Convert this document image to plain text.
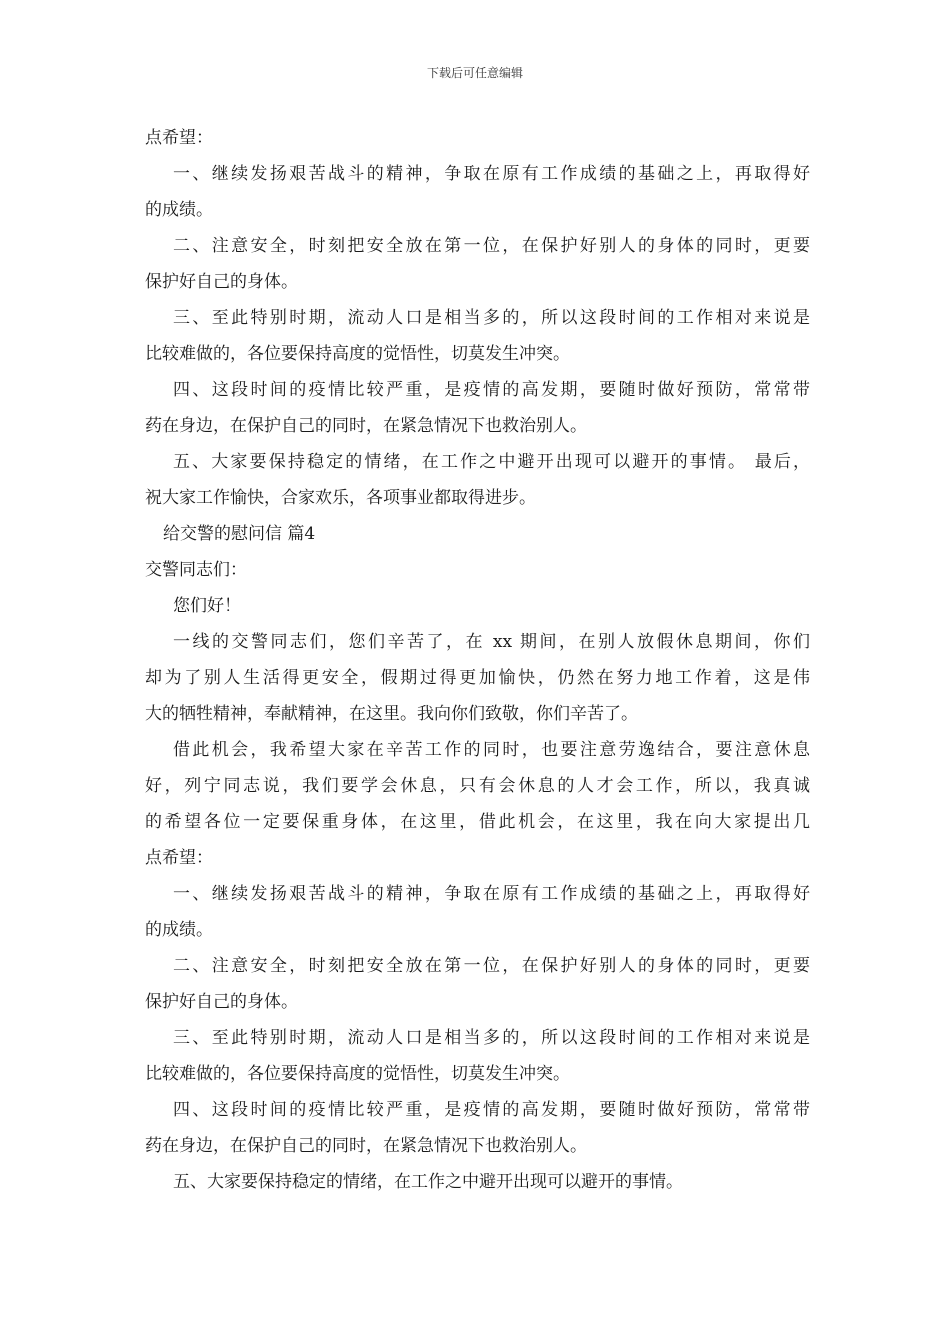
下载后可任意编辑
点希望：
一、继续发扬艰苦战斗的精神，争取在原有工作成绩的基础之上，再取得好
的成绩。
二、注意安全，时刻把安全放在第一位，在保护好别人的身体的同时，更要
保护好自己的身体。
三、至此特别时期，流动人口是相当多的，所以这段时间的工作相对来说是
比较难做的，各位要保持高度的觉悟性，切莫发生冲突。
四、这段时间的疫情比较严重，是疫情的高发期，要随时做好预防，常常带
药在身边，在保护自己的同时，在紧急情况下也救治别人。
五、大家要保持稳定的情绪，在工作之中避开出现可以避开的事情。 最后，
祝大家工作愉快，合家欢乐，各项事业都取得进步。
给交警的慰问信 篇4
交警同志们：
您们好！
一线的交警同志们，您们辛苦了，在 xx 期间，在别人放假休息期间，你们
却为了别人生活得更安全，假期过得更加愉快，仍然在努力地工作着，这是伟
大的牺牲精神，奉献精神，在这里。我向你们致敬，你们辛苦了。
借此机会，我希望大家在辛苦工作的同时，也要注意劳逸结合，要注意休息
好，列宁同志说，我们要学会休息，只有会休息的人才会工作，所以，我真诚
的希望各位一定要保重身体，在这里，借此机会，在这里，我在向大家提出几
点希望：
一、继续发扬艰苦战斗的精神，争取在原有工作成绩的基础之上，再取得好
的成绩。
二、注意安全，时刻把安全放在第一位，在保护好别人的身体的同时，更要
保护好自己的身体。
三、至此特别时期，流动人口是相当多的，所以这段时间的工作相对来说是
比较难做的，各位要保持高度的觉悟性，切莫发生冲突。
四、这段时间的疫情比较严重，是疫情的高发期，要随时做好预防，常常带
药在身边，在保护自己的同时，在紧急情况下也救治别人。
五、大家要保持稳定的情绪，在工作之中避开出现可以避开的事情。
